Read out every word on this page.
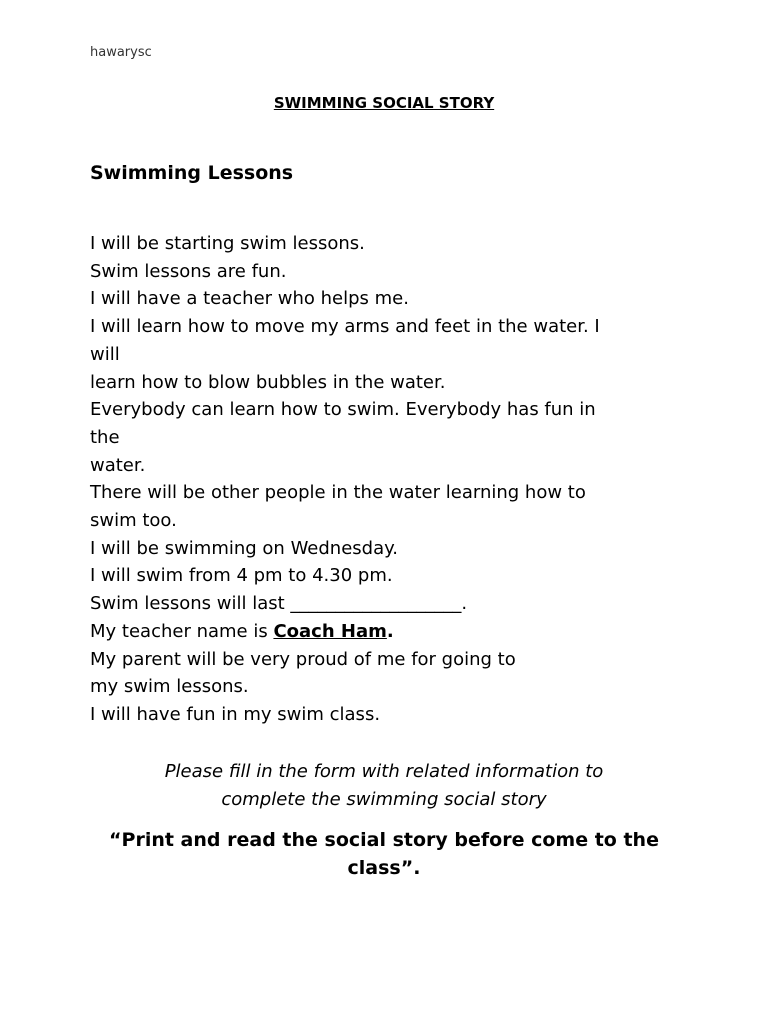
hawarysc
SWIMMING SOCIAL STORY
Swimming Lessons
I will be starting swim lessons.
Swim lessons are fun.
I will have a teacher who helps me.
I will learn how to move my arms and feet in the water. I
will
learn how to blow bubbles in the water.
Everybody can learn how to swim. Everybody has fun in
the
water.
There will be other people in the water learning how to
swim too.
I will be swimming on Wednesday.
I will swim from 4 pm to 4.30 pm.
Swim lessons will last ___________________.
My teacher name is Coach Ham.
My parent will be very proud of me for going to
my swim lessons.
I will have fun in my swim class.
Please fill in the form with related information to
complete the swimming social story
“Print and read the social story before come to the
class”.
